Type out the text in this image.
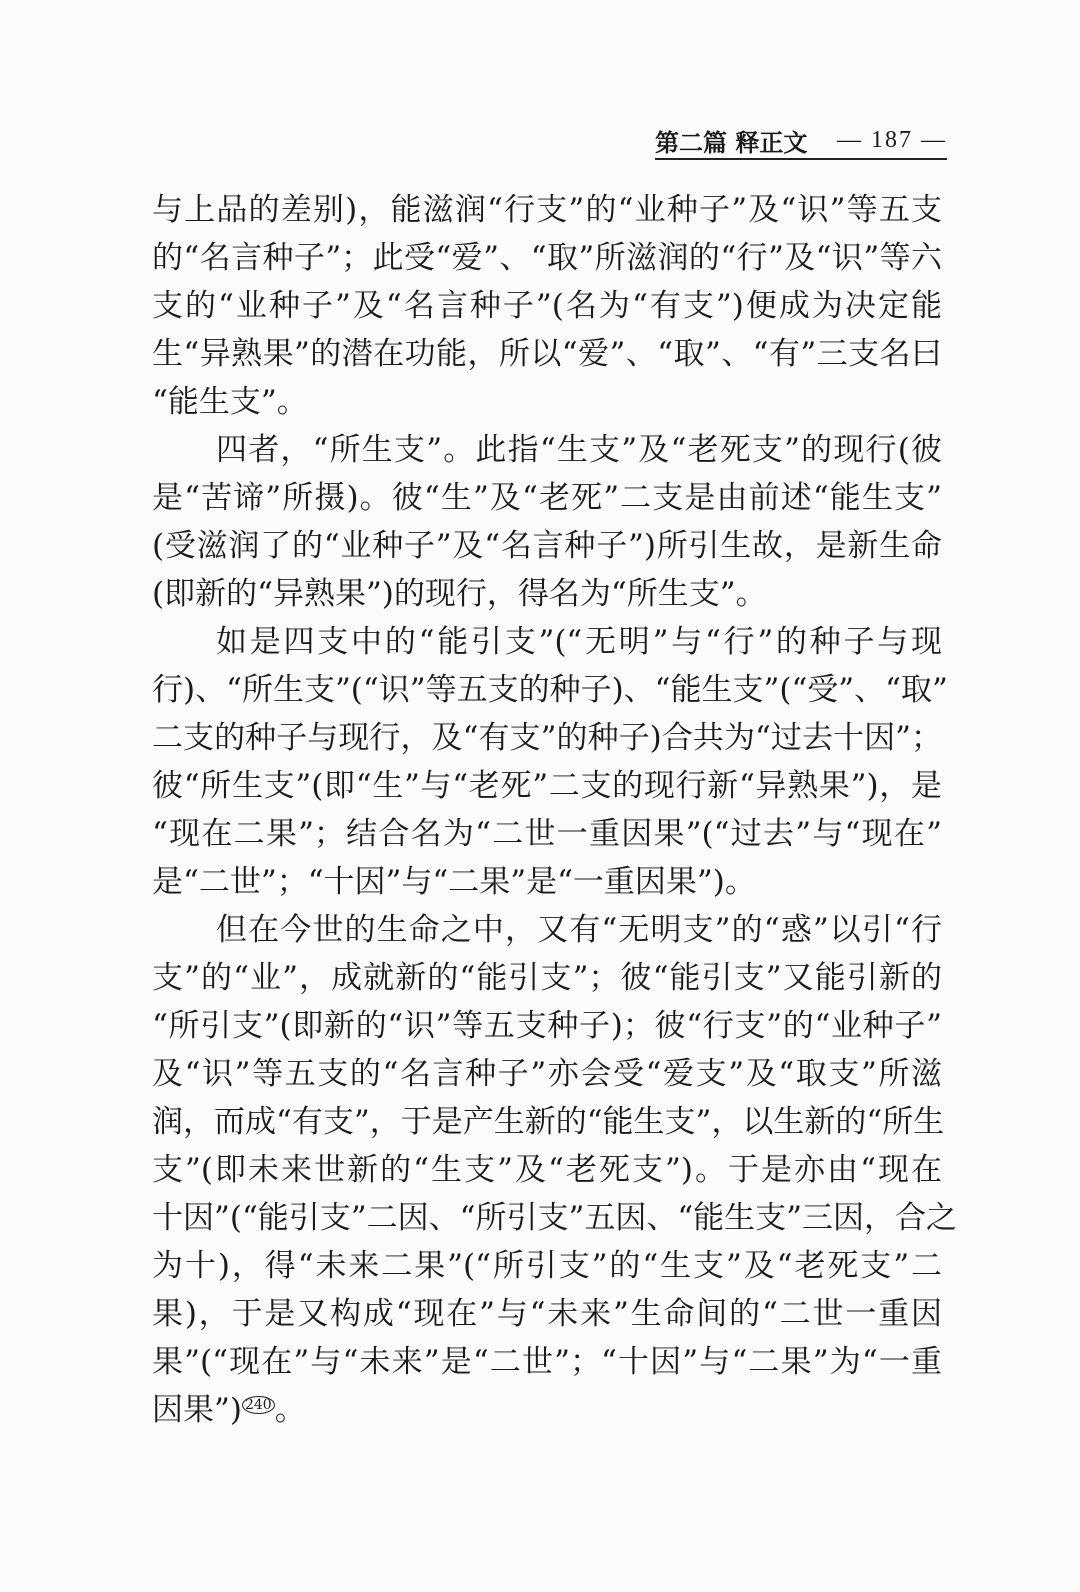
第二篇 释正文 — 187 —
与上品的差别)，能滋润“行支”的“业种子”及“识”等五支
的“名言种子”；此受“爱”、“取”所滋润的“行”及“识”等六
支的“业种子”及“名言种子”(名为“有支”)便成为决定能
生“异熟果”的潜在功能，所以“爱”、“取”、“有”三支名曰
“能生支”。
四者，“所生支”。此指“生支”及“老死支”的现行(彼
是“苦谛”所摄)。彼“生”及“老死”二支是由前述“能生支”
(受滋润了的“业种子”及“名言种子”)所引生故，是新生命
(即新的“异熟果”)的现行，得名为“所生支”。
如是四支中的“能引支”(“无明”与“行”的种子与现
行)、“所生支”(“识”等五支的种子)、“能生支”(“受”、“取”
二支的种子与现行，及“有支”的种子)合共为“过去十因”；
彼“所生支”(即“生”与“老死”二支的现行新“异熟果”)，是
“现在二果”；结合名为“二世一重因果”(“过去”与“现在”
是“二世”；“十因”与“二果”是“一重因果”)。
但在今世的生命之中，又有“无明支”的“惑”以引“行
支”的“业”，成就新的“能引支”；彼“能引支”又能引新的
“所引支”(即新的“识”等五支种子)；彼“行支”的“业种子”
及“识”等五支的“名言种子”亦会受“爱支”及“取支”所滋
润，而成“有支”，于是产生新的“能生支”，以生新的“所生
支”(即未来世新的“生支”及“老死支”)。于是亦由“现在
十因”(“能引支”二因、“所引支”五因、“能生支”三因，合之
为十)，得“未来二果”(“所引支”的“生支”及“老死支”二
果)，于是又构成“现在”与“未来”生命间的“二世一重因
果”(“现在”与“未来”是“二世”；“十因”与“二果”为“一重
因果”) $^{240}$。
